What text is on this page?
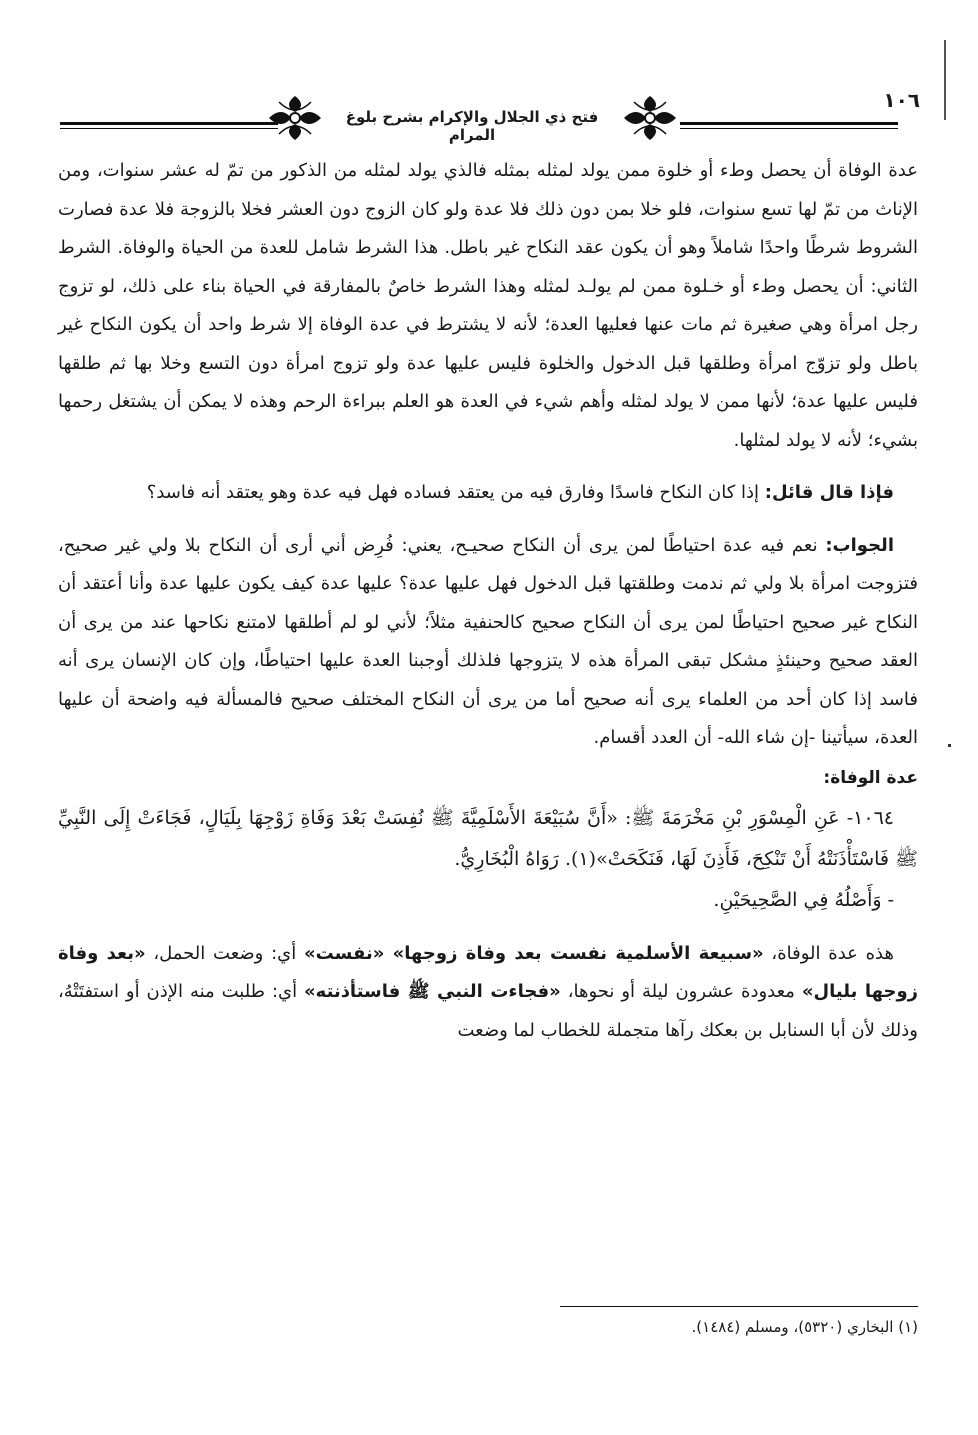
فتح ذي الجلال والإكرام بشرح بلوغ المرام
١٠٦

عدة الوفاة أن يحصل وطء أو خلوة ممن يولد لمثله بمثله فالذي يولد لمثله من الذكور من تمّ له عشر سنوات، ومن الإناث من تمّ لها تسع سنوات، فلو خلا بمن دون ذلك فلا عدة ولو كان الزوج دون العشر فخلا بالزوجة فلا عدة فصارت الشروط شرطًا واحدًا شاملاً وهو أن يكون عقد النكاح غير باطل. هذا الشرط شامل للعدة من الحياة والوفاة. الشرط الثاني: أن يحصل وطء أو خـلوة ممن لم يولـد لمثله وهذا الشرط خاصٌ بالمفارقة في الحياة بناء على ذلك، لو تزوج رجل امرأة وهي صغيرة ثم مات عنها فعليها العدة؛ لأنه لا يشترط في عدة الوفاة إلا شرط واحد أن يكون النكاح غير باطل ولو تزوّج امرأة وطلقها قبل الدخول والخلوة فليس عليها عدة ولو تزوج امرأة دون التسع وخلا بها ثم طلقها فليس عليها عدة؛ لأنها ممن لا يولد لمثله وأهم شيء في العدة هو العلم ببراءة الرحم وهذه لا يمكن أن يشتغل رحمها بشيء؛ لأنه لا يولد لمثلها.

فإذا قال قائل: إذا كان النكاح فاسدًا وفارق فيه من يعتقد فساده فهل فيه عدة وهو يعتقد أنه فاسد؟

الجواب: نعم فيه عدة احتياطًا لمن يرى أن النكاح صحيـح، يعني: فُرِض أني أرى أن النكاح بلا ولي غير صحيح، فتزوجت امرأة بلا ولي ثم ندمت وطلقتها قبل الدخول فهل عليها عدة؟ عليها عدة كيف يكون عليها عدة وأنا أعتقد أن النكاح غير صحيح احتياطًا لمن يرى أن النكاح صحيح كالحنفية مثلاً؛ لأني لو لم أطلقها لامتنع نكاحها عند من يرى أن العقد صحيح وحينئذٍ مشكل تبقى المرأة هذه لا يتزوجها فلذلك أوجبنا العدة عليها احتياطًا، وإن كان الإنسان يرى أنه فاسد إذا كان أحد من العلماء يرى أنه صحيح أما من يرى أن النكاح المختلف صحيح فالمسألة فيه واضحة أن عليها العدة، سيأتينا -إن شاء الله- أن العدد أقسام.

عدة الوفاة:

١٠٦٤- عَنِ الْمِسْوَرِ بْنِ مَخْرَمَةَ ﷺ: «أَنَّ سُبَيْعَةَ الأَسْلَمِيَّةَ ﷺ نُفِسَتْ بَعْدَ وَفَاةِ زَوْجِهَا بِلَيَالٍ، فَجَاءَتْ إِلَى النَّبِيِّ ﷺ فَاسْتَأْذَنَتْهُ أَنْ تَنْكِحَ، فَأَذِنَ لَهَا، فَنَكَحَتْ»(١). رَوَاهُ الْبُخَارِيُّ.

- وَأَصْلُهُ فِي الصَّحِيحَيْنِ.

هذه عدة الوفاة، «سبيعة الأسلمية نفست بعد وفاة زوجها» «نفست» أي: وضعت الحمل، «بعد وفاة زوجها بليال» معدودة عشرون ليلة أو نحوها، «فجاءت النبي ﷺ فاستأذنته» أي: طلبت منه الإذن أو استفتَتْهُ، وذلك لأن أبا السنابل بن بعكك رآها متجملة للخطاب لما وضعت

(١) البخاري (٥٣٢٠)، ومسلم (١٤٨٤).
